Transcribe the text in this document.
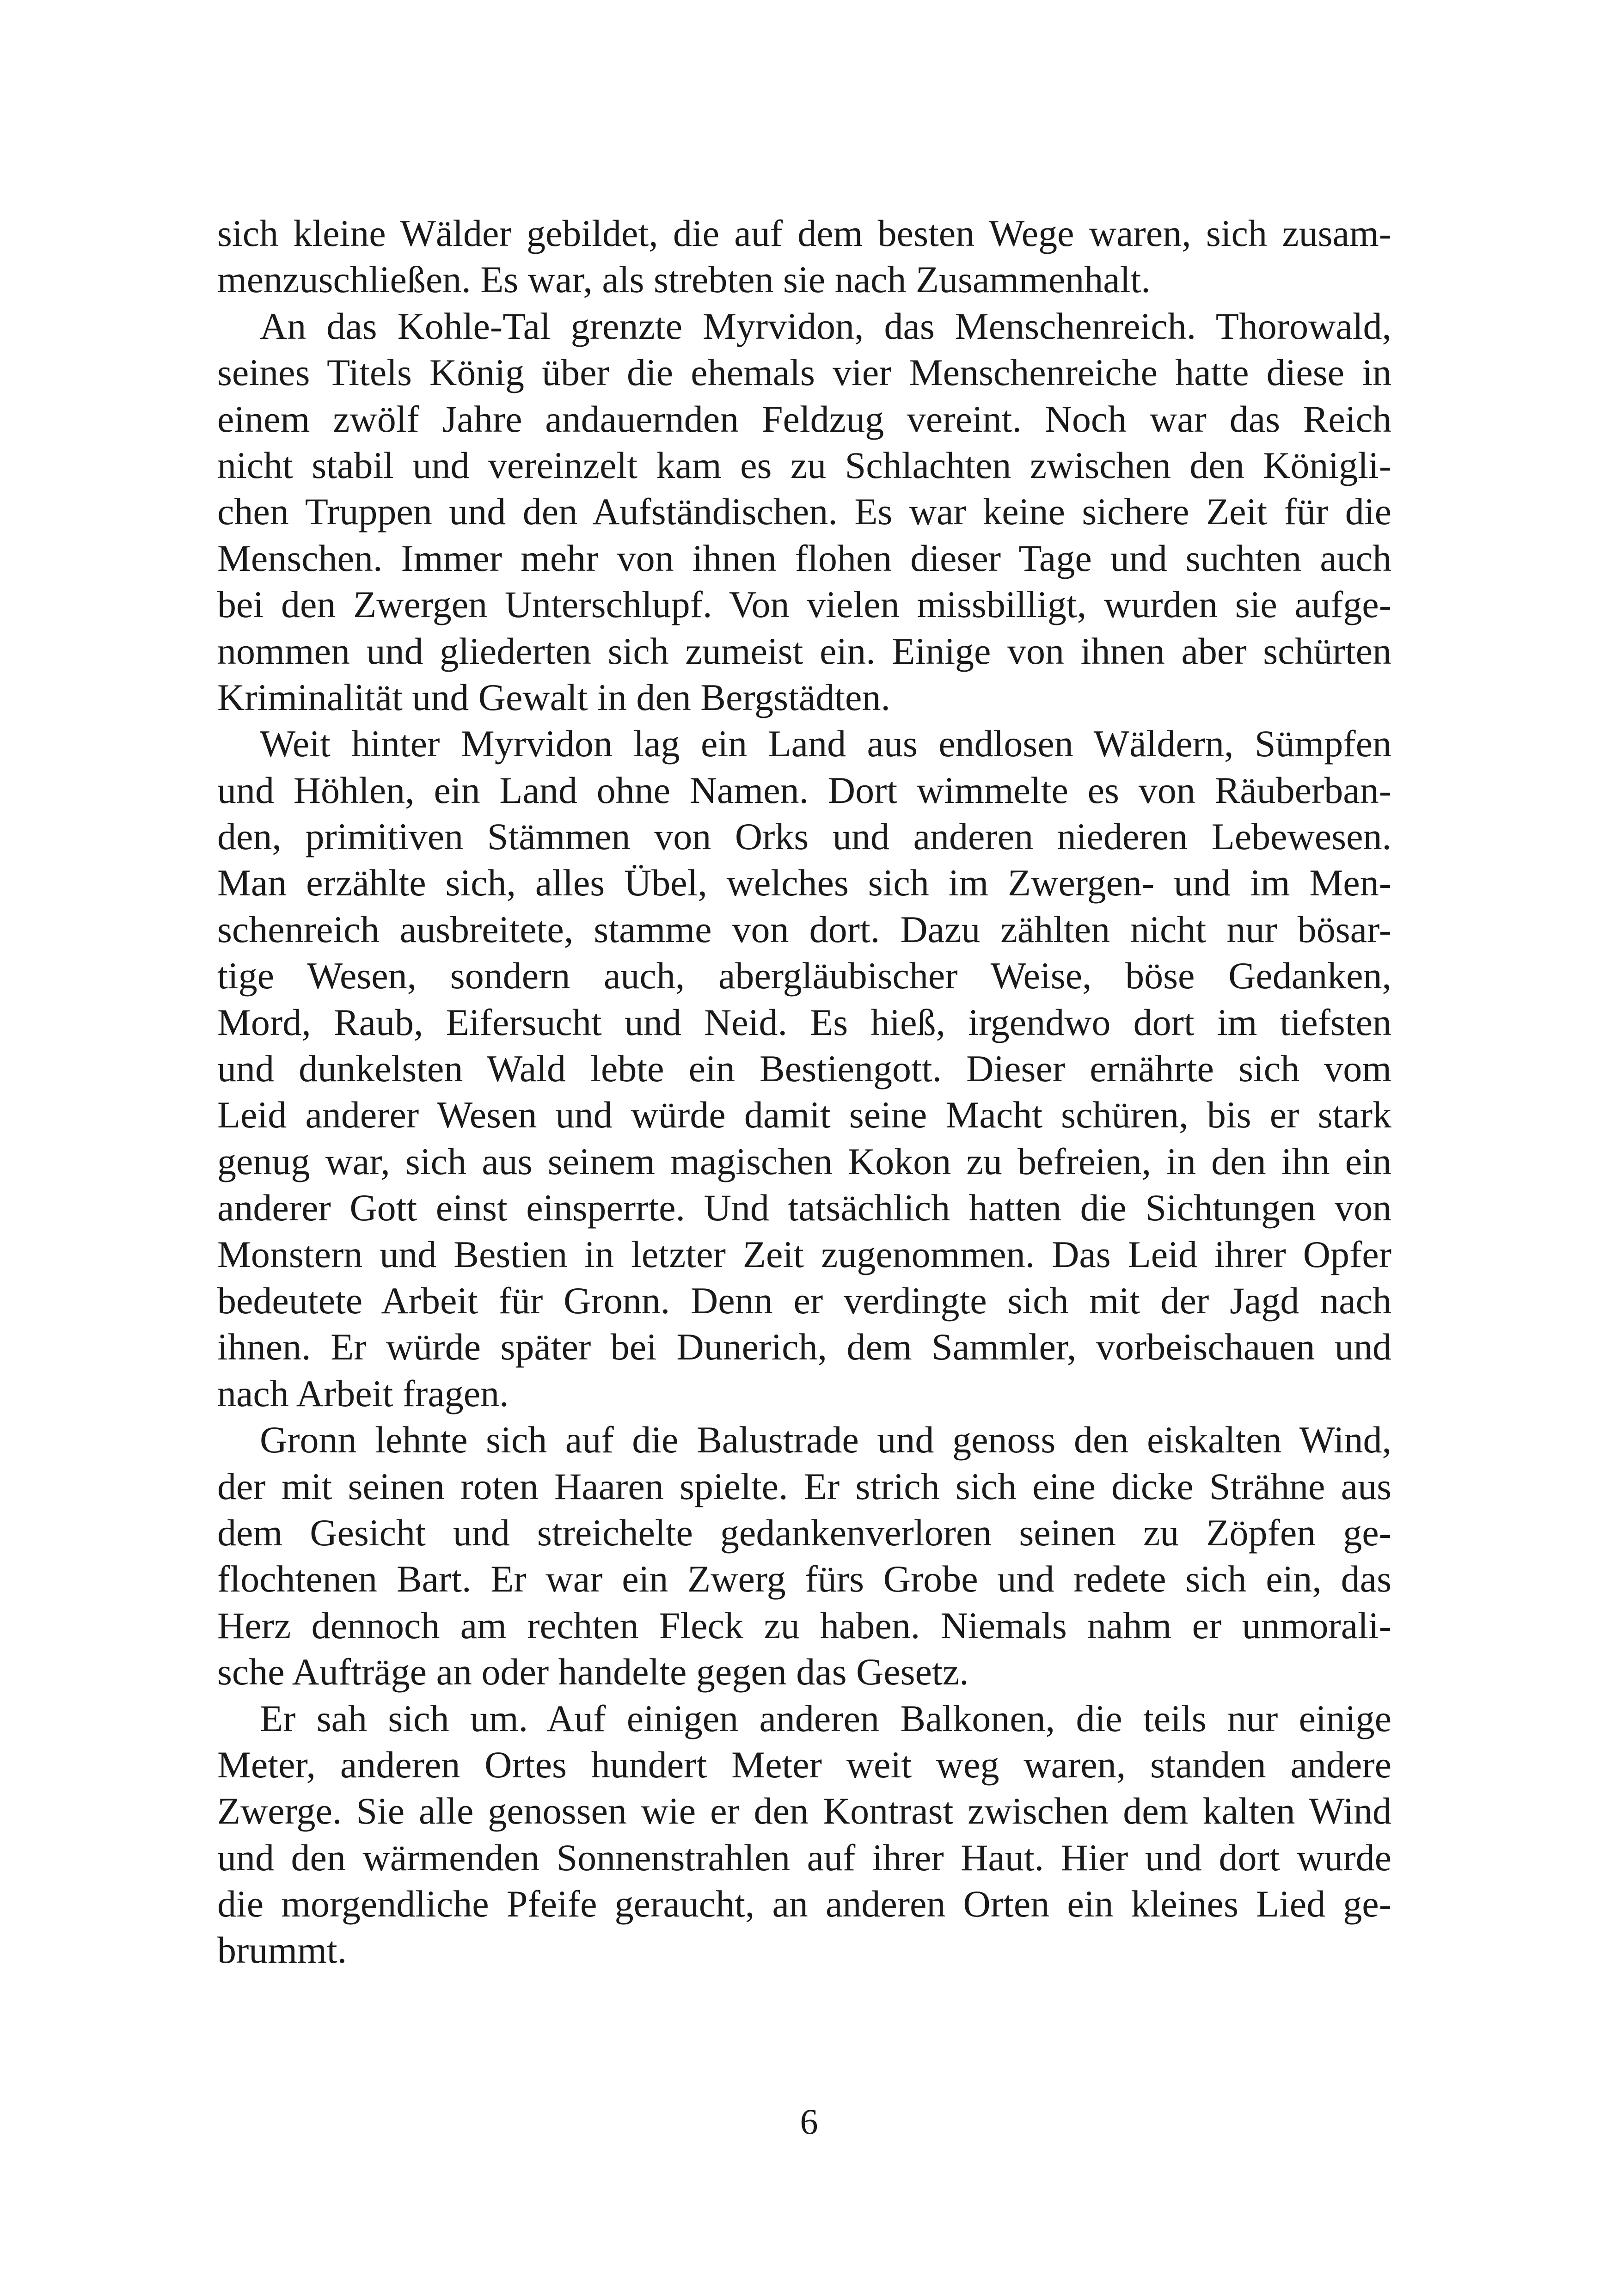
sich kleine Wälder gebildet, die auf dem besten Wege waren, sich zusam-
menzuschließen. Es war, als strebten sie nach Zusammenhalt.
An das Kohle-Tal grenzte Myrvidon, das Menschenreich. Thorowald,
seines Titels König über die ehemals vier Menschenreiche hatte diese in
einem zwölf Jahre andauernden Feldzug vereint. Noch war das Reich
nicht stabil und vereinzelt kam es zu Schlachten zwischen den Königli-
chen Truppen und den Aufständischen. Es war keine sichere Zeit für die
Menschen. Immer mehr von ihnen flohen dieser Tage und suchten auch
bei den Zwergen Unterschlupf. Von vielen missbilligt, wurden sie aufge-
nommen und gliederten sich zumeist ein. Einige von ihnen aber schürten
Kriminalität und Gewalt in den Bergstädten.
Weit hinter Myrvidon lag ein Land aus endlosen Wäldern, Sümpfen
und Höhlen, ein Land ohne Namen. Dort wimmelte es von Räuberban-
den, primitiven Stämmen von Orks und anderen niederen Lebewesen.
Man erzählte sich, alles Übel, welches sich im Zwergen- und im Men-
schenreich ausbreitete, stamme von dort. Dazu zählten nicht nur bösar-
tige Wesen, sondern auch, abergläubischer Weise, böse Gedanken,
Mord, Raub, Eifersucht und Neid. Es hieß, irgendwo dort im tiefsten
und dunkelsten Wald lebte ein Bestiengott. Dieser ernährte sich vom
Leid anderer Wesen und würde damit seine Macht schüren, bis er stark
genug war, sich aus seinem magischen Kokon zu befreien, in den ihn ein
anderer Gott einst einsperrte. Und tatsächlich hatten die Sichtungen von
Monstern und Bestien in letzter Zeit zugenommen. Das Leid ihrer Opfer
bedeutete Arbeit für Gronn. Denn er verdingte sich mit der Jagd nach
ihnen. Er würde später bei Dunerich, dem Sammler, vorbeischauen und
nach Arbeit fragen.
Gronn lehnte sich auf die Balustrade und genoss den eiskalten Wind,
der mit seinen roten Haaren spielte. Er strich sich eine dicke Strähne aus
dem Gesicht und streichelte gedankenverloren seinen zu Zöpfen ge-
flochtenen Bart. Er war ein Zwerg fürs Grobe und redete sich ein, das
Herz dennoch am rechten Fleck zu haben. Niemals nahm er unmorali-
sche Aufträge an oder handelte gegen das Gesetz.
Er sah sich um. Auf einigen anderen Balkonen, die teils nur einige
Meter, anderen Ortes hundert Meter weit weg waren, standen andere
Zwerge. Sie alle genossen wie er den Kontrast zwischen dem kalten Wind
und den wärmenden Sonnenstrahlen auf ihrer Haut. Hier und dort wurde
die morgendliche Pfeife geraucht, an anderen Orten ein kleines Lied ge-
brummt.
6
